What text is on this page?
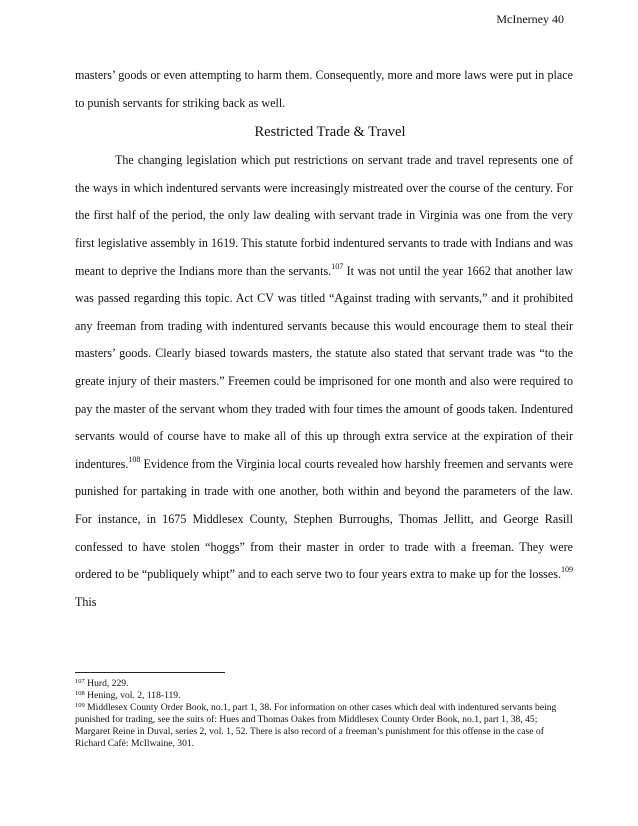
McInerney 40

masters’ goods or even attempting to harm them. Consequently, more and more laws were put in place to punish servants for striking back as well.

Restricted Trade & Travel

The changing legislation which put restrictions on servant trade and travel represents one of the ways in which indentured servants were increasingly mistreated over the course of the century. For the first half of the period, the only law dealing with servant trade in Virginia was one from the very first legislative assembly in 1619. This statute forbid indentured servants to trade with Indians and was meant to deprive the Indians more than the servants.$^{107}$ It was not until the year 1662 that another law was passed regarding this topic. Act CV was titled “Against trading with servants,” and it prohibited any freeman from trading with indentured servants because this would encourage them to steal their masters’ goods. Clearly biased towards masters, the statute also stated that servant trade was “to the greate injury of their masters.” Freemen could be imprisoned for one month and also were required to pay the master of the servant whom they traded with four times the amount of goods taken. Indentured servants would of course have to make all of this up through extra service at the expiration of their indentures.$^{108}$ Evidence from the Virginia local courts revealed how harshly freemen and servants were punished for partaking in trade with one another, both within and beyond the parameters of the law. For instance, in 1675 Middlesex County, Stephen Burroughs, Thomas Jellitt, and George Rasill confessed to have stolen “hoggs” from their master in order to trade with a freeman. They were ordered to be “publiquely whipt” and to each serve two to four years extra to make up for the losses.$^{109}$ This

$^{107}$ Hurd, 229.

$^{108}$ Hening, vol. 2, 118-119.

$^{109}$ Middlesex County Order Book, no.1, part 1, 38. For information on other cases which deal with indentured servants being punished for trading, see the suits of: Hues and Thomas Oakes from Middlesex County Order Book, no.1, part 1, 38, 45; Margaret Reine in Duval, series 2, vol. 1, 52. There is also record of a freeman’s punishment for this offense in the case of Richard Café: McIlwaine, 301.
